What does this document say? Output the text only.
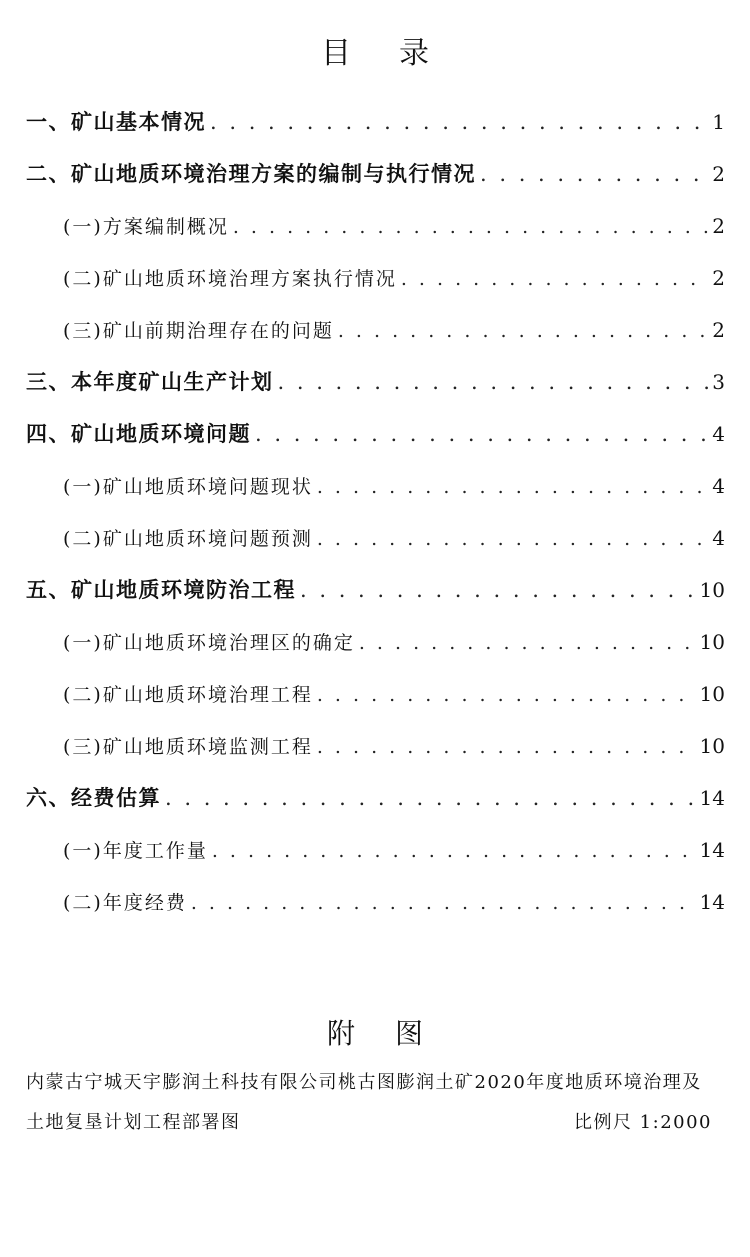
目录
一、矿山基本情况 . . .	1
二、矿山地质环境治理方案的编制与执行情况 . . .	2
(一)方案编制概况 . . .	2
(二)矿山地质环境治理方案执行情况 . . .	2
(三)矿山前期治理存在的问题 . . .	2
三、本年度矿山生产计划 . . .	3
四、矿山地质环境问题 . . .	4
(一)矿山地质环境问题现状 . . .	4
(二)矿山地质环境问题预测 . . .	4
五、矿山地质环境防治工程 . . .	10
(一)矿山地质环境治理区的确定 . . .	10
(二)矿山地质环境治理工程 . . .	10
(三)矿山地质环境监测工程 . . .	10
六、经费估算 . . .	14
(一)年度工作量 . . .	14
(二)年度经费 . . .	14
附图
内蒙古宁城天宇膨润土科技有限公司桃古图膨润土矿2020年度地质环境治理及
土地复垦计划工程部署图	比例尺 1:2000
